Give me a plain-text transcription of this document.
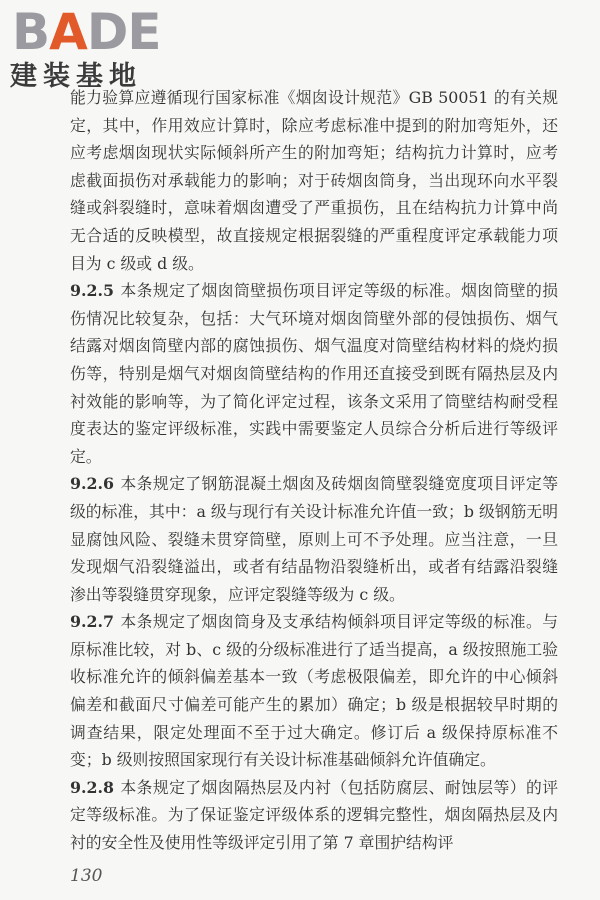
BADE

建装基地

能力验算应遵循现行国家标准《烟囱设计规范》GB 50051 的有关规定，其中，作用效应计算时，除应考虑标准中提到的附加弯矩外，还应考虑烟囱现状实际倾斜所产生的附加弯矩；结构抗力计算时，应考虑截面损伤对承载能力的影响；对于砖烟囱筒身，当出现环向水平裂缝或斜裂缝时，意味着烟囱遭受了严重损伤，且在结构抗力计算中尚无合适的反映模型，故直接规定根据裂缝的严重程度评定承载能力项目为 c 级或 d 级。

9.2.5 本条规定了烟囱筒壁损伤项目评定等级的标准。烟囱筒壁的损伤情况比较复杂，包括：大气环境对烟囱筒壁外部的侵蚀损伤、烟气结露对烟囱筒壁内部的腐蚀损伤、烟气温度对筒壁结构材料的烧灼损伤等，特别是烟气对烟囱筒壁结构的作用还直接受到既有隔热层及内衬效能的影响等，为了简化评定过程，该条文采用了筒壁结构耐受程度表达的鉴定评级标准，实践中需要鉴定人员综合分析后进行等级评定。

9.2.6 本条规定了钢筋混凝土烟囱及砖烟囱筒壁裂缝宽度项目评定等级的标准，其中：a 级与现行有关设计标准允许值一致；b 级钢筋无明显腐蚀风险、裂缝未贯穿筒壁，原则上可不予处理。应当注意，一旦发现烟气沿裂缝溢出，或者有结晶物沿裂缝析出，或者有结露沿裂缝渗出等裂缝贯穿现象，应评定裂缝等级为 c 级。

9.2.7 本条规定了烟囱筒身及支承结构倾斜项目评定等级的标准。与原标准比较，对 b、c 级的分级标准进行了适当提高，a 级按照施工验收标准允许的倾斜偏差基本一致（考虑极限偏差，即允许的中心倾斜偏差和截面尺寸偏差可能产生的累加）确定；b 级是根据较早时期的调查结果，限定处理面不至于过大确定。修订后 a 级保持原标准不变；b 级则按照国家现行有关设计标准基础倾斜允许值确定。

9.2.8 本条规定了烟囱隔热层及内衬（包括防腐层、耐蚀层等）的评定等级标准。为了保证鉴定评级体系的逻辑完整性，烟囱隔热层及内衬的安全性及使用性等级评定引用了第 7 章围护结构评

130
